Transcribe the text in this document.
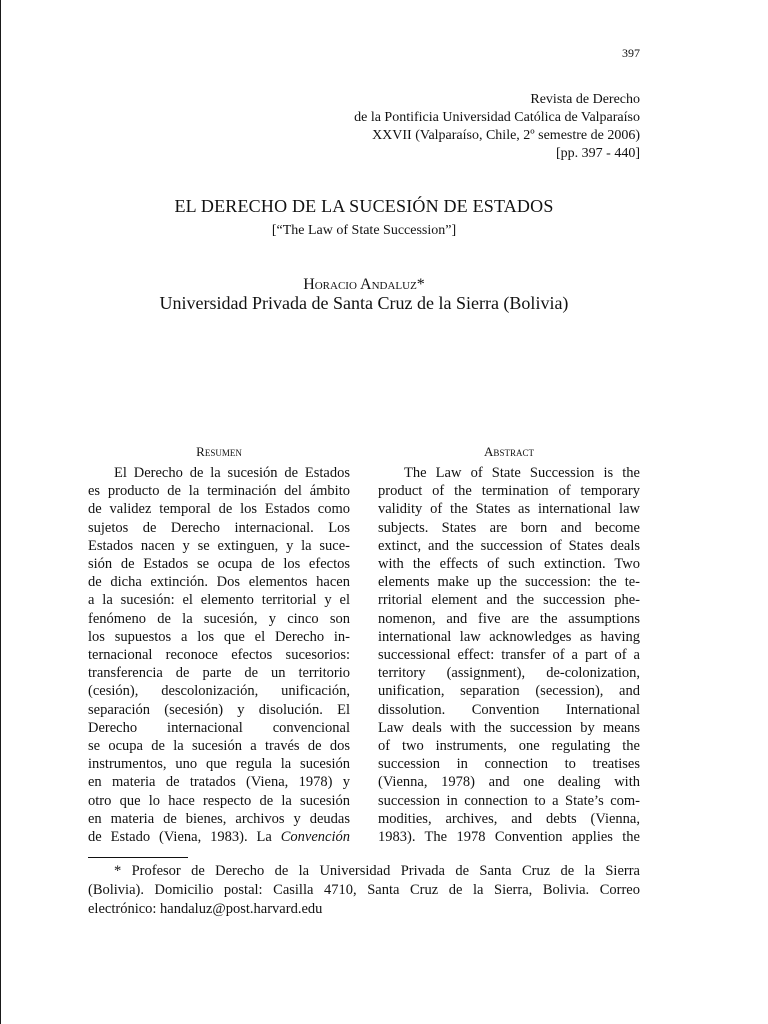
397
Revista de Derecho
de la Pontificia Universidad Católica de Valparaíso
XXVII (Valparaíso, Chile, 2º semestre de 2006)
[pp. 397 - 440]
EL DERECHO DE LA SUCESIÓN DE ESTADOS
[“The Law of State Succession”]
Horacio Andaluz*
Universidad Privada de Santa Cruz de la Sierra (Bolivia)
Resumen
El Derecho de la sucesión de Estados
es producto de la terminación del ámbito
de validez temporal de los Estados como
sujetos de Derecho internacional. Los
Estados nacen y se extinguen, y la suce-
sión de Estados se ocupa de los efectos
de dicha extinción. Dos elementos hacen
a la sucesión: el elemento territorial y el
fenómeno de la sucesión, y cinco son
los supuestos a los que el Derecho in-
ternacional reconoce efectos sucesorios:
transferencia de parte de un territorio
(cesión), descolonización, unificación,
separación (secesión) y disolución. El
Derecho internacional convencional
se ocupa de la sucesión a través de dos
instrumentos, uno que regula la sucesión
en materia de tratados (Viena, 1978) y
otro que lo hace respecto de la sucesión
en materia de bienes, archivos y deudas
de Estado (Viena, 1983). La Convención
Abstract
The Law of State Succession is the
product of the termination of temporary
validity of the States as international law
subjects. States are born and become
extinct, and the succession of States deals
with the effects of such extinction. Two
elements make up the succession: the te-
rritorial element and the succession phe-
nomenon, and five are the assumptions
international law acknowledges as having
successional effect: transfer of a part of a
territory (assignment), de-colonization,
unification, separation (secession), and
dissolution. Convention International
Law deals with the succession by means
of two instruments, one regulating the
succession in connection to treatises
(Vienna, 1978) and one dealing with
succession in connection to a State’s com-
modities, archives, and debts (Vienna,
1983). The 1978 Convention applies the
* Profesor de Derecho de la Universidad Privada de Santa Cruz de la Sierra
(Bolivia). Domicilio postal: Casilla 4710, Santa Cruz de la Sierra, Bolivia. Correo
electrónico: handaluz@post.harvard.edu
